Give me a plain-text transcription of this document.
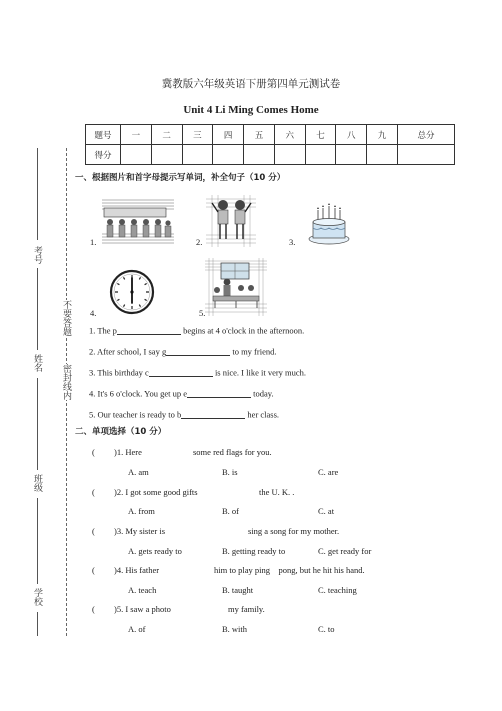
冀教版六年级英语下册第四单元测试卷
Unit 4 Li Ming Comes Home
题号	一	二	三	四	五	六	七	八	九	总分
得分										
考号
姓名
班级
学校
不要答题
密封线内
一、根据图片和首字母提示写单词，补全句子（10 分）
1.	2.	3.
4.	5.
1. The p	begins at 4 o'clock in the afternoon.
2. After school, I say g	to my friend.
3. This birthday c	is nice. I like it very much.
4. It's 6 o'clock. You get up e	today.
5. Our teacher is ready to b	her class.
二、单项选择（10 分）
( )1. Here	some red flags for you.
A. am	B. is	C. are
( )2. I got some good gifts	the U. K. .
A. from	B. of	C. at
( )3. My sister is	sing a song for my mother.
A. gets ready to	B. getting ready to	C. get ready for
( )4. His father	him to play ping    pong, but he hit his hand.
A. teach	B. taught	C. teaching
( )5. I saw a photo	my family.
A. of	B. with	C. to
